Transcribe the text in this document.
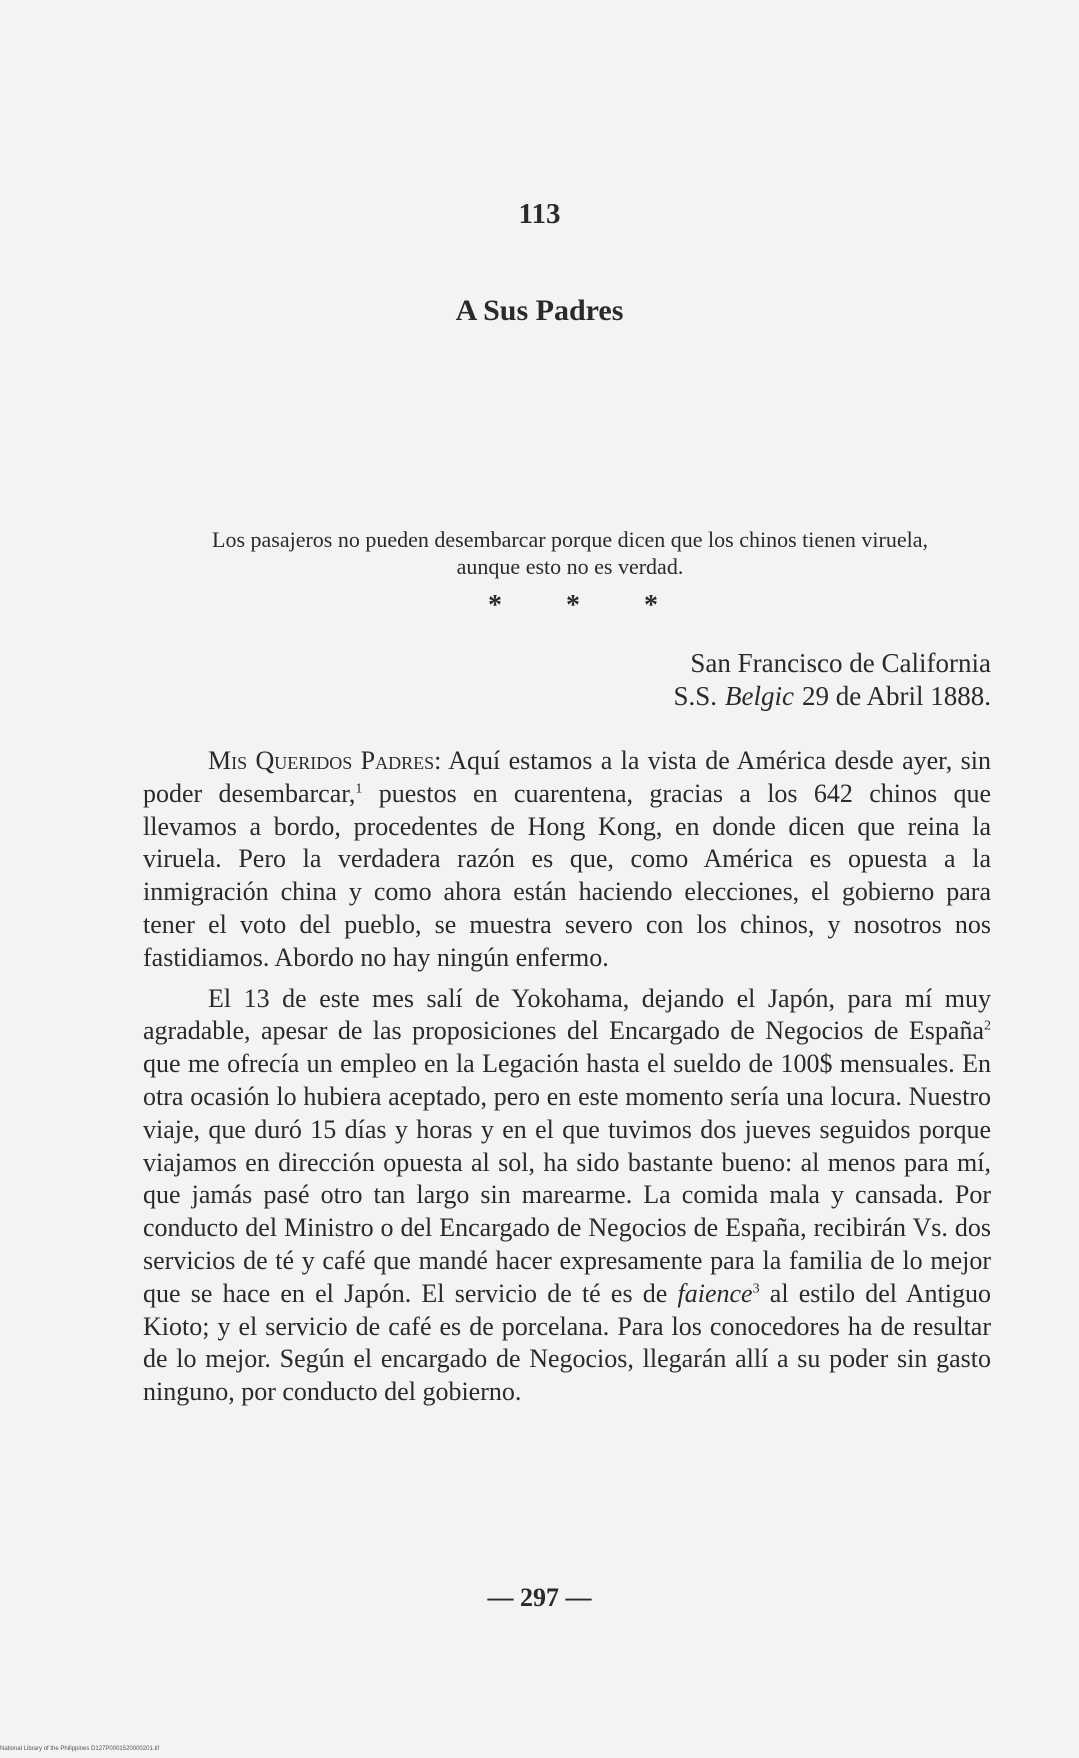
113
A Sus Padres
Los pasajeros no pueden desembarcar porque dicen que los chinos tienen viruela, aunque esto no es verdad.
* * *
San Francisco de California
S.S. Belgic 29 de Abril 1888.

Mis Queridos Padres: Aquí estamos a la vista de América desde ayer, sin poder desembarcar,$^1$ puestos en cuarentena, gracias a los 642 chinos que llevamos a bordo, procedentes de Hong Kong, en donde dicen que reina la viruela. Pero la verdadera razón es que, como América es opuesta a la inmigración china y como ahora están haciendo elecciones, el gobierno para tener el voto del pueblo, se muestra severo con los chinos, y nosotros nos fastidiamos. Abordo no hay ningún enfermo.

El 13 de este mes salí de Yokohama, dejando el Japón, para mí muy agradable, apesar de las proposiciones del Encargado de Negocios de España$^2$ que me ofrecía un empleo en la Legación hasta el sueldo de 100$ mensuales. En otra ocasión lo hubiera aceptado, pero en este momento sería una locura. Nuestro viaje, que duró 15 días y horas y en el que tuvimos dos jueves seguidos porque viajamos en dirección opuesta al sol, ha sido bastante bueno: al menos para mí, que jamás pasé otro tan largo sin marearme. La comida mala y cansada. Por conducto del Ministro o del Encargado de Negocios de España, recibirán Vs. dos servicios de té y café que mandé hacer expresamente para la familia de lo mejor que se hace en el Japón. El servicio de té es de faience$^3$ al estilo del Antiguo Kioto; y el servicio de café es de porcelana. Para los conocedores ha de resultar de lo mejor. Según el encargado de Negocios, llegarán allí a su poder sin gasto ninguno, por conducto del gobierno.

— 297 —
National Library of the Philippines D127P0001520000201.tif
